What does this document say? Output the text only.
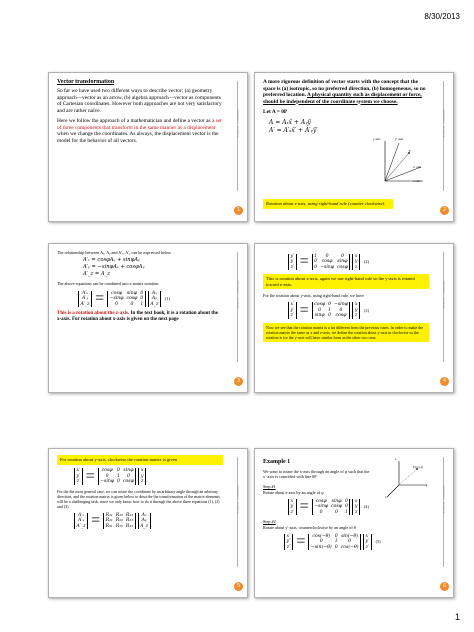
8/30/2013
Vector transformation

So far we have used two different ways to describe vector; (a) geometry approach—vector as an arrow, (b) algebra approach—vector as components of Cartesian coordinates. However both approaches are not very satisfactory and are rather naïve.

Here we follow the approach of a mathematician and define a vector as a set of three components that transform in the same manner as a displacement when we change the coordinates. As always, the displacement vector is the model for the behavior of all vectors.

8/30/2013 · Handout
1

A more rigorous definition of vector starts with the concept that the space is (a) isotropic, so no preferred direction, (b) homogeneous, so no preferred location. A physical quantity such as displacement or force, should be independent of the coordinate system we choose.

Let A = 0P
A = Aₓx̂ + Aᵧŷ
A′ = A′ₓx̂′ + A′ᵧŷ′
Rotation about z-axis, using right-hand rule (counter clockwise).
y′ axis
y axis
P
x′ axis
x axis
8/30/2013 · Handout
2

The relationship between Aₓ, Aᵧ and A′ₓ, A′ᵧ can be expressed below

A′ₓ = cosφAₓ + sinφAᵧ
A′ᵧ = −sinφAₓ + cosφAᵧ
A′_z = A_z

The above equations can be combined into a matrix notation.

A′ₓ
A′ᵧ
A′_z = cosφ	sinφ	0
−sinφ	cosφ	0
0	0	1
Aₓ
Aᵧ
A_z
(1)

This is a rotation about the z-axis. In the text book, it is a rotation about the x-axis. For rotation about x-axis is given on the next page

8/30/2013 · Handout
3
y′
y′
z′ = 1	0	0
0	cosφ	sinφ
0	−sinφ	cosφ
x
y
z
(2)
This is rotation about x-axis, again we use right-hand rule so the y-axis is rotated toward z-axis.

For the rotation about y-axis, using right-hand rule, we have

x′
y′
z′ = cosφ	0	−sinφ
0	1	0
sinφ	0	cosφ
x
y
z
(3)
Now we see that the rotation matrix is a lot different from the previous cases. In order to make the rotation matrix the same as x and z-axis, we define the rotation about y-axis in clockwise so the rotation is for the y-axis will have similar form as the other two case.
8/30/2013 · Handout
4
For rotation about y-axis, clockwise the rotation matrix is given
x′
y′
z′ = cosφ	0	sinφ
0	1	0
−sinφ	0	cosφ
x
y
z

For the the most general case, we can rotate the coordinate by an arbitrary angle through an arbitrary direction, and the rotation matrix is given below to describe the transformation of the matrix elements will be a challenging task, since we only know how to do it through the above three equations (1), (2) and (3).

A′ₓ
A′ᵧ
A′_z = R₁₁	R₁₂	R₁₃
R₂₁	R₂₂	R₂₃
R₃₁	R₃₂	R₃₃
Aₓ
Aᵧ
A_z
8/30/2013 · Handout
5
Example 1

We want to rotate the x-axis through an angle of φ such that the x′-axis is coincided with line 0P

Step #1
Rotate about z-axis by an angle of φ
x′
y′
z′ = cosφ	sinφ	0
−sinφ	cosφ	0
0	0	1
x
y
z
(4)
Step #2
Rotate about y′-axis, counterclockwise by an angle of θ
x″
y″
z″ = cos(−θ)	0	sin(−θ)
0	1	0
−sin(−θ)	0	cos(−θ)
x′
y′
z′
(5)
P (x,y,z)
z
y
x	8/30/2013 · Handout
6
1
